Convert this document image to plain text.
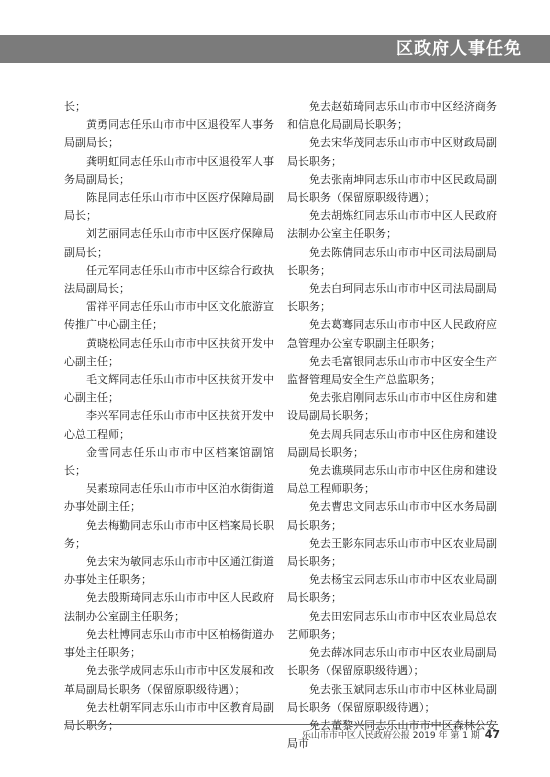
区政府人事任免

长；

黄勇同志任乐山市市中区退役军人事务局副局长；

龚明虹同志任乐山市市中区退役军人事务局副局长；

陈昆同志任乐山市市中区医疗保障局副局长；

刘艺丽同志任乐山市市中区医疗保障局副局长；

任元军同志任乐山市市中区综合行政执法局副局长；

雷祥平同志任乐山市市中区文化旅游宣传推广中心副主任；

黄晓松同志任乐山市市中区扶贫开发中心副主任；

毛文辉同志任乐山市市中区扶贫开发中心副主任；

李兴军同志任乐山市市中区扶贫开发中心总工程师；

金雪同志任乐山市市中区档案馆副馆长；

吴素琼同志任乐山市市中区泊水街街道办事处副主任；

免去梅勤同志乐山市市中区档案局长职务；

免去宋为敏同志乐山市市中区通江街道办事处主任职务；

免去殷斯琦同志乐山市市中区人民政府法制办公室副主任职务；

免去杜博同志乐山市市中区柏杨街道办事处主任职务；

免去张学成同志乐山市市中区发展和改革局副局长职务（保留原职级待遇）；

免去杜朝军同志乐山市市中区教育局副局长职务；

免去赵茹琦同志乐山市市中区经济商务和信息化局副局长职务；

免去宋华茂同志乐山市市中区财政局副局长职务；

免去张南坤同志乐山市市中区民政局副局长职务（保留原职级待遇）；

免去胡炼红同志乐山市市中区人民政府法制办公室主任职务；

免去陈倩同志乐山市市中区司法局副局长职务；

免去白珂同志乐山市市中区司法局副局长职务；

免去葛骞同志乐山市市中区人民政府应急管理办公室专职副主任职务；

免去毛富银同志乐山市市中区安全生产监督管理局安全生产总监职务；

免去张启刚同志乐山市市中区住房和建设局副局长职务；

免去周兵同志乐山市市中区住房和建设局副局长职务；

免去谯瑛同志乐山市市中区住房和建设局总工程师职务；

免去曹忠文同志乐山市市中区水务局副局长职务；

免去王影东同志乐山市市中区农业局副局长职务；

免去杨宝云同志乐山市市中区农业局副局长职务；

免去田宏同志乐山市市中区农业局总农艺师职务；

免去薛冰同志乐山市市中区农业局副局长职务（保留原职级待遇）；

免去张玉斌同志乐山市市中区林业局副局长职务（保留原职级待遇）；

免去董黎兴同志乐山市市中区森林公安局市

乐山市市中区人民政府公报 2019 年 第 1 期 47
